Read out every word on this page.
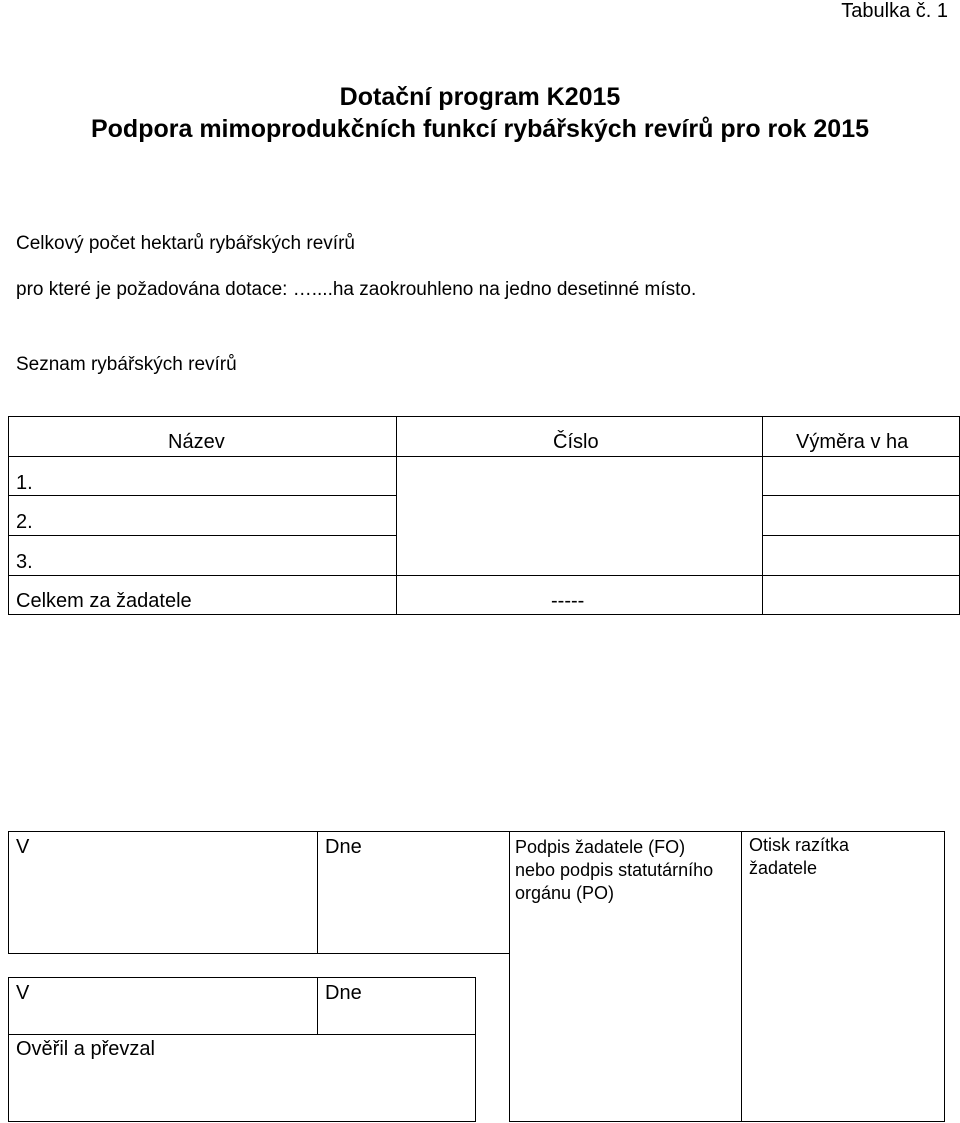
Tabulka č. 1
Dotační program K2015
Podpora mimoprodukčních funkcí rybářských revírů pro rok 2015
Celkový počet hektarů rybářských revírů
pro které je požadována dotace: …....ha zaokrouhleno na jedno desetinné místo.
Seznam rybářských revírů
Název	Číslo	Výměra v ha
1.
2.
3.
Celkem za žadatele	-----
V	Dne	Podpis žadatele (FO) nebo podpis statutárního orgánu (PO)
Otisk razítka žadatele
V	Dne
Ověřil a převzal
